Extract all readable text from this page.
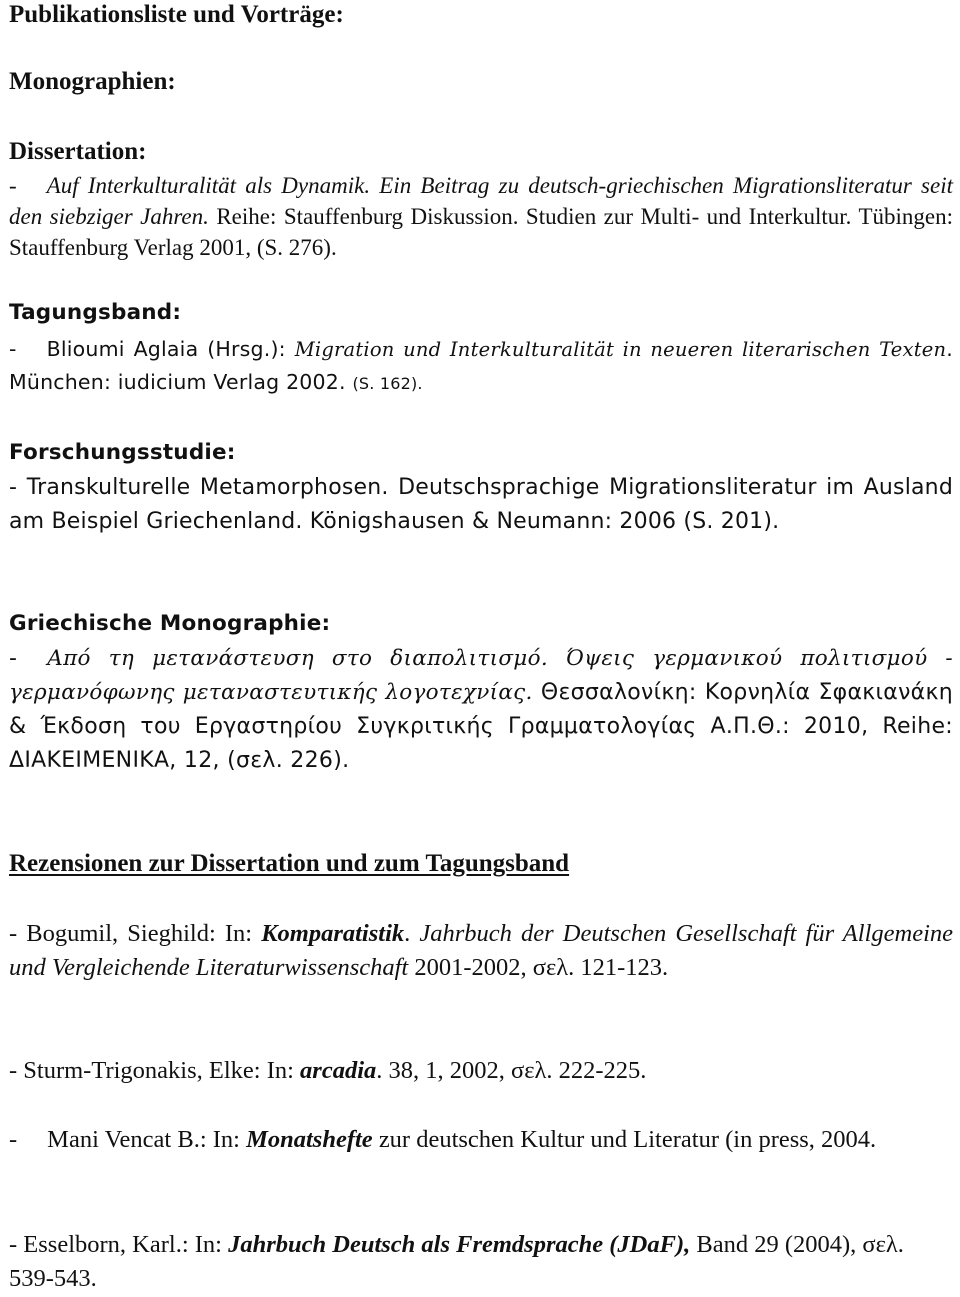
Publikationsliste und Vorträge:

Monographien:

Dissertation:

- Auf Interkulturalität als Dynamik. Ein Beitrag zu deutsch-griechischen Migrationsliteratur seit den siebziger Jahren. Reihe: Stauffenburg Diskussion. Studien zur Multi- und Interkultur. Tübingen: Stauffenburg Verlag 2001, (S. 276).

Tagungsband:

- Blioumi Aglaia (Hrsg.): Migration und Interkulturalität in neueren literarischen Texten. München: iudicium Verlag 2002. (S. 162).

Forschungsstudie:

- Transkulturelle Metamorphosen. Deutschsprachige Migrationsliteratur im Ausland am Beispiel Griechenland. Königshausen & Neumann: 2006 (S. 201).

Griechische Monographie:

- Από τη μετανάστευση στο διαπολιτισμό. Όψεις γερμανικού πολιτισμού - γερμανόφωνης μεταναστευτικής λογοτεχνίας. Θεσσαλονίκη: Κορνηλία Σφακιανάκη & Έκδοση του Εργαστηρίου Συγκριτικής Γραμματολογίας Α.Π.Θ.: 2010, Reihe: ΔΙΑΚΕΙΜΕΝΙΚΑ, 12, (σελ. 226).

Rezensionen zur Dissertation und zum Tagungsband

- Bogumil, Sieghild: In: Komparatistik. Jahrbuch der Deutschen Gesellschaft für Allgemeine und Vergleichende Literaturwissenschaft 2001-2002, σελ. 121-123.

- Sturm-Trigonakis, Elke: In: arcadia. 38, 1, 2002, σελ. 222-225.

- Mani Vencat B.: In: Monatshefte zur deutschen Kultur und Literatur (in press, 2004.

- Esselborn, Karl.: In: Jahrbuch Deutsch als Fremdsprache (JDaF), Band 29 (2004), σελ. 539-543.
